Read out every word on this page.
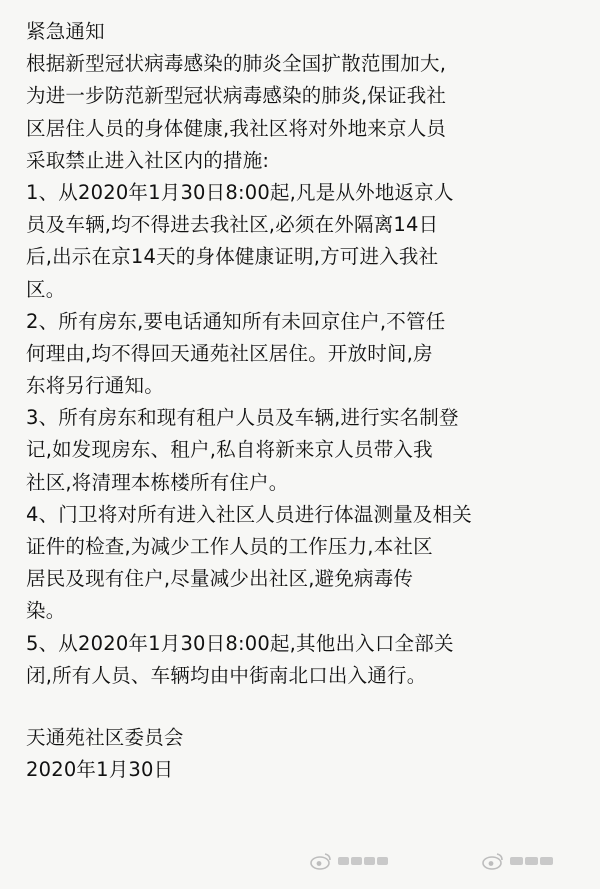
紧急通知
根据新型冠状病毒感染的肺炎全国扩散范围加大,
为进一步防范新型冠状病毒感染的肺炎,保证我社
区居住人员的身体健康,我社区将对外地来京人员
采取禁止进入社区内的措施:
1、从2020年1月30日8:00起,凡是从外地返京人
员及车辆,均不得进去我社区,必须在外隔离14日
后,出示在京14天的身体健康证明,方可进入我社
区。
2、所有房东,要电话通知所有未回京住户,不管任
何理由,均不得回天通苑社区居住。开放时间,房
东将另行通知。
3、所有房东和现有租户人员及车辆,进行实名制登
记,如发现房东、租户,私自将新来京人员带入我
社区,将清理本栋楼所有住户。
4、门卫将对所有进入社区人员进行体温测量及相关
证件的检查,为减少工作人员的工作压力,本社区
居民及现有住户,尽量减少出社区,避免病毒传
染。
5、从2020年1月30日8:00起,其他出入口全部关
闭,所有人员、车辆均由中街南北口出入通行。
天通苑社区委员会
2020年1月30日
